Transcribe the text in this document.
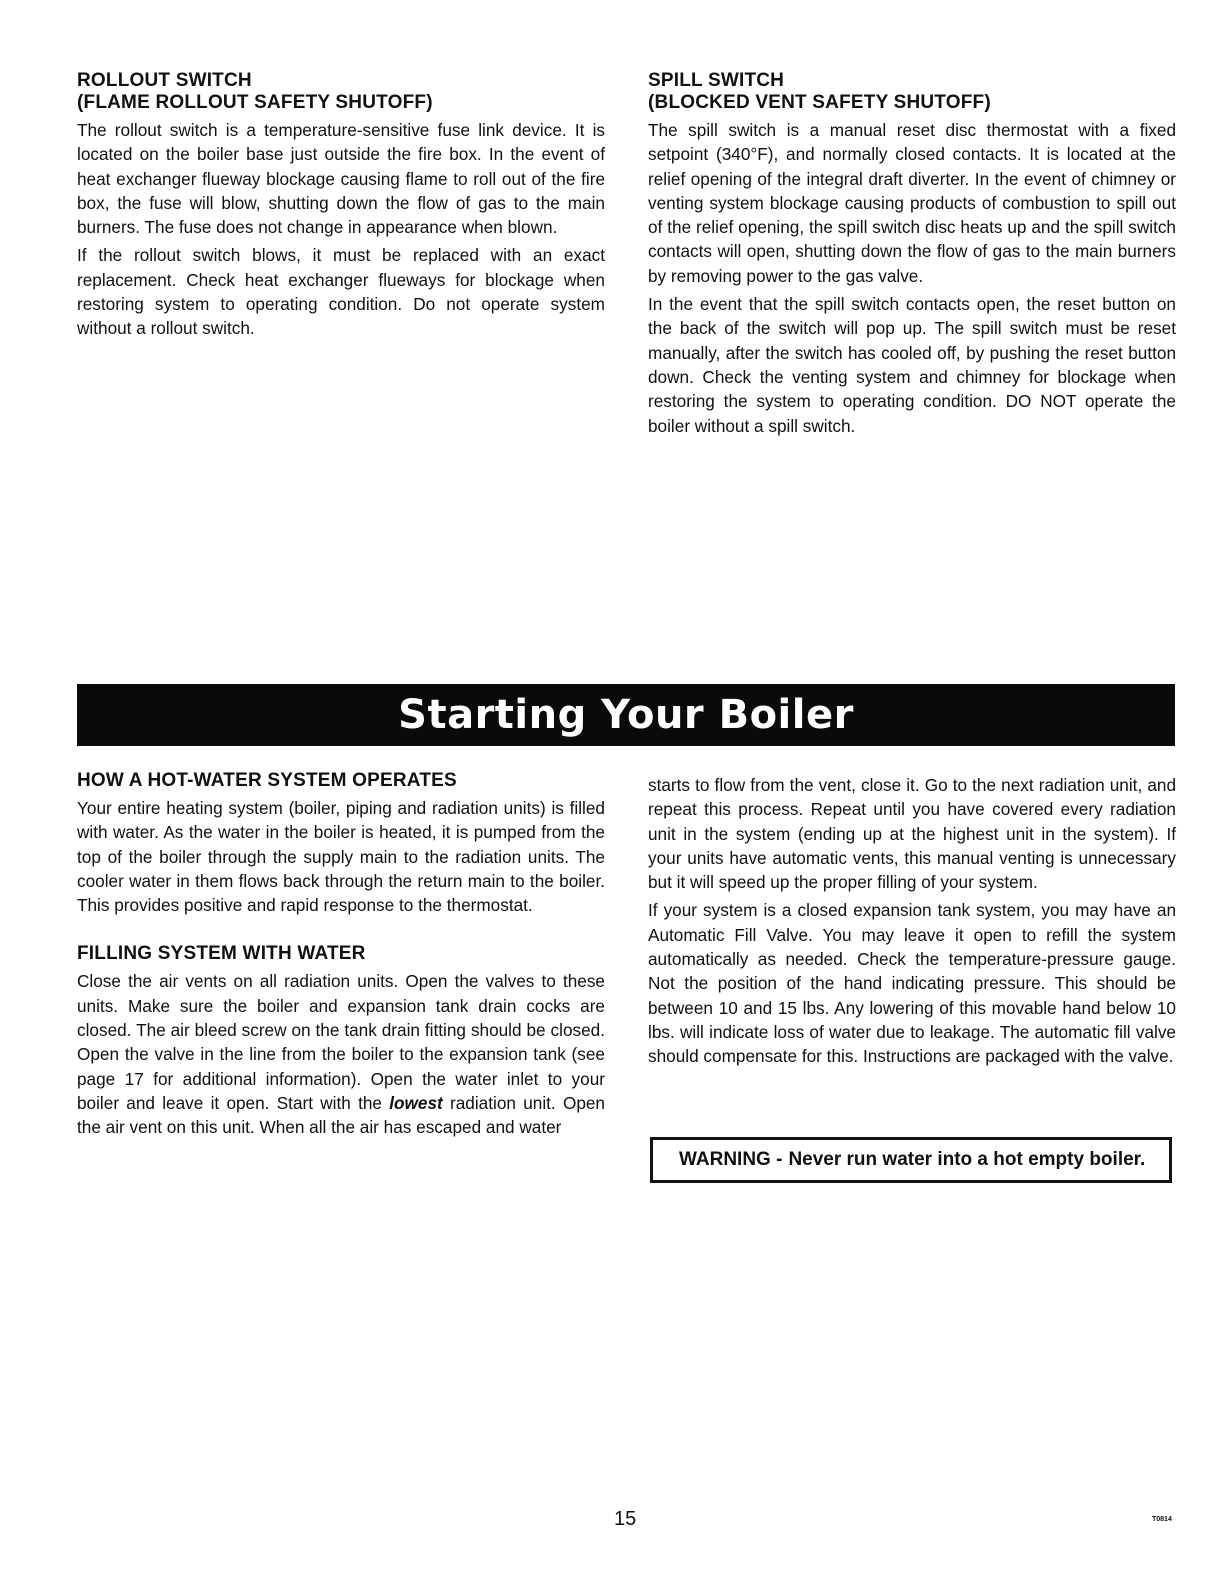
ROLLOUT SWITCH
(FLAME ROLLOUT SAFETY SHUTOFF)

The rollout switch is a temperature-sensitive fuse link device. It is located on the boiler base just outside the fire box. In the event of heat exchanger flueway blockage causing flame to roll out of the fire box, the fuse will blow, shutting down the flow of gas to the main burners. The fuse does not change in appearance when blown.

If the rollout switch blows, it must be replaced with an exact replacement. Check heat exchanger flueways for blockage when restoring system to operating condition. Do not operate system without a rollout switch.

SPILL SWITCH
(BLOCKED VENT SAFETY SHUTOFF)

The spill switch is a manual reset disc thermostat with a fixed setpoint (340°F), and normally closed contacts. It is located at the relief opening of the integral draft diverter. In the event of chimney or venting system blockage causing products of combustion to spill out of the relief opening, the spill switch disc heats up and the spill switch contacts will open, shutting down the flow of gas to the main burners by removing power to the gas valve.

In the event that the spill switch contacts open, the reset button on the back of the switch will pop up. The spill switch must be reset manually, after the switch has cooled off, by pushing the reset button down. Check the venting system and chimney for blockage when restoring the system to operating condition. DO NOT operate the boiler without a spill switch.

Starting Your Boiler
HOW A HOT-WATER SYSTEM OPERATES

Your entire heating system (boiler, piping and radiation units) is filled with water. As the water in the boiler is heated, it is pumped from the top of the boiler through the supply main to the radiation units. The cooler water in them flows back through the return main to the boiler. This provides positive and rapid response to the thermostat.

FILLING SYSTEM WITH WATER

Close the air vents on all radiation units. Open the valves to these units. Make sure the boiler and expansion tank drain cocks are closed. The air bleed screw on the tank drain fitting should be closed. Open the valve in the line from the boiler to the expansion tank (see page 17 for additional information). Open the water inlet to your boiler and leave it open. Start with the lowest radiation unit. Open the air vent on this unit. When all the air has escaped and water

starts to flow from the vent, close it. Go to the next radiation unit, and repeat this process. Repeat until you have covered every radiation unit in the system (ending up at the highest unit in the system). If your units have automatic vents, this manual venting is unnecessary but it will speed up the proper filling of your system.

If your system is a closed expansion tank system, you may have an Automatic Fill Valve. You may leave it open to refill the system automatically as needed. Check the temperature-pressure gauge. Not the position of the hand indicating pressure. This should be between 10 and 15 lbs. Any lowering of this movable hand below 10 lbs. will indicate loss of water due to leakage. The automatic fill valve should compensate for this. Instructions are packaged with the valve.

WARNING - Never run water into a hot empty boiler.
15	T0814
